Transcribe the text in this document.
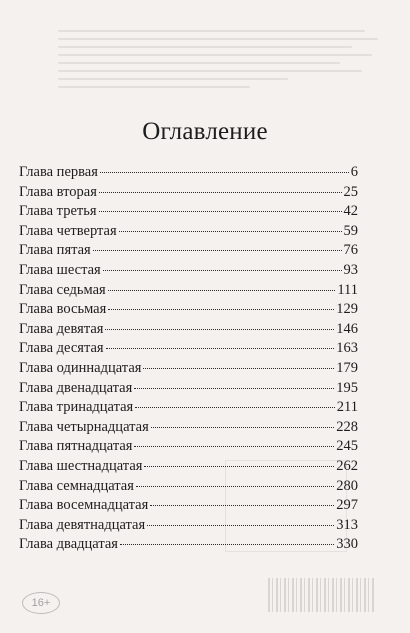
16+
Оглавление
Глава первая	6
Глава вторая	25
Глава третья	42
Глава четвертая	59
Глава пятая	76
Глава шестая	93
Глава седьмая	111
Глава восьмая	129
Глава девятая	146
Глава десятая	163
Глава одиннадцатая	179
Глава двенадцатая	195
Глава тринадцатая	211
Глава четырнадцатая	228
Глава пятнадцатая	245
Глава шестнадцатая	262
Глава семнадцатая	280
Глава восемнадцатая	297
Глава девятнадцатая	313
Глава двадцатая	330
